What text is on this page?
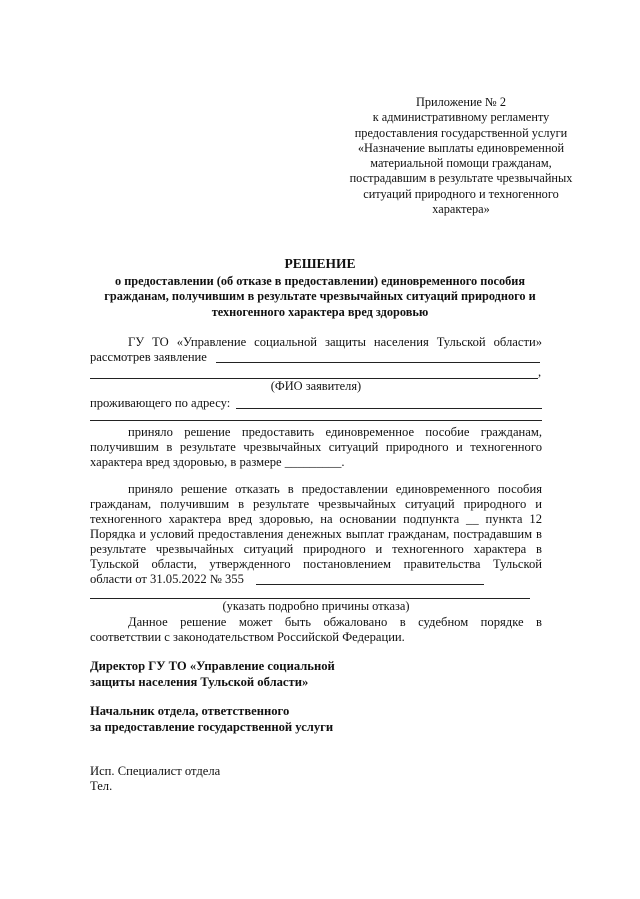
Приложение № 2
к административному регламенту
предоставления государственной услуги
«Назначение выплаты единовременной
материальной помощи гражданам,
пострадавшим в результате чрезвычайных
ситуаций природного и техногенного
характера»
РЕШЕНИЕ
о предоставлении (об отказе в предоставлении) единовременного пособия
гражданам, получившим в результате чрезвычайных ситуаций природного и
техногенного характера вред здоровью
ГУ ТО «Управление социальной защиты населения Тульской области»
рассмотрев заявление
,
(ФИО заявителя)
проживающего по адресу:
приняло решение предоставить единовременное пособие гражданам,
получившим в результате чрезвычайных ситуаций природного и техногенного
характера вред здоровью, в размере _________.
приняло решение отказать в предоставлении единовременного пособия
гражданам, получившим в результате чрезвычайных ситуаций природного и
техногенного характера вред здоровью, на основании подпункта __ пункта 12
Порядка и условий предоставления денежных выплат гражданам, пострадавшим в
результате чрезвычайных ситуаций природного и техногенного характера в
Тульской области, утвержденного постановлением правительства Тульской
области от 31.05.2022 № 355
(указать подробно причины отказа)
Данное решение может быть обжаловано в судебном порядке в
соответствии с законодательством Российской Федерации.
Директор ГУ ТО «Управление социальной
защиты населения Тульской области»
Начальник отдела, ответственного
за предоставление государственной услуги
Исп. Специалист отдела
Тел.
